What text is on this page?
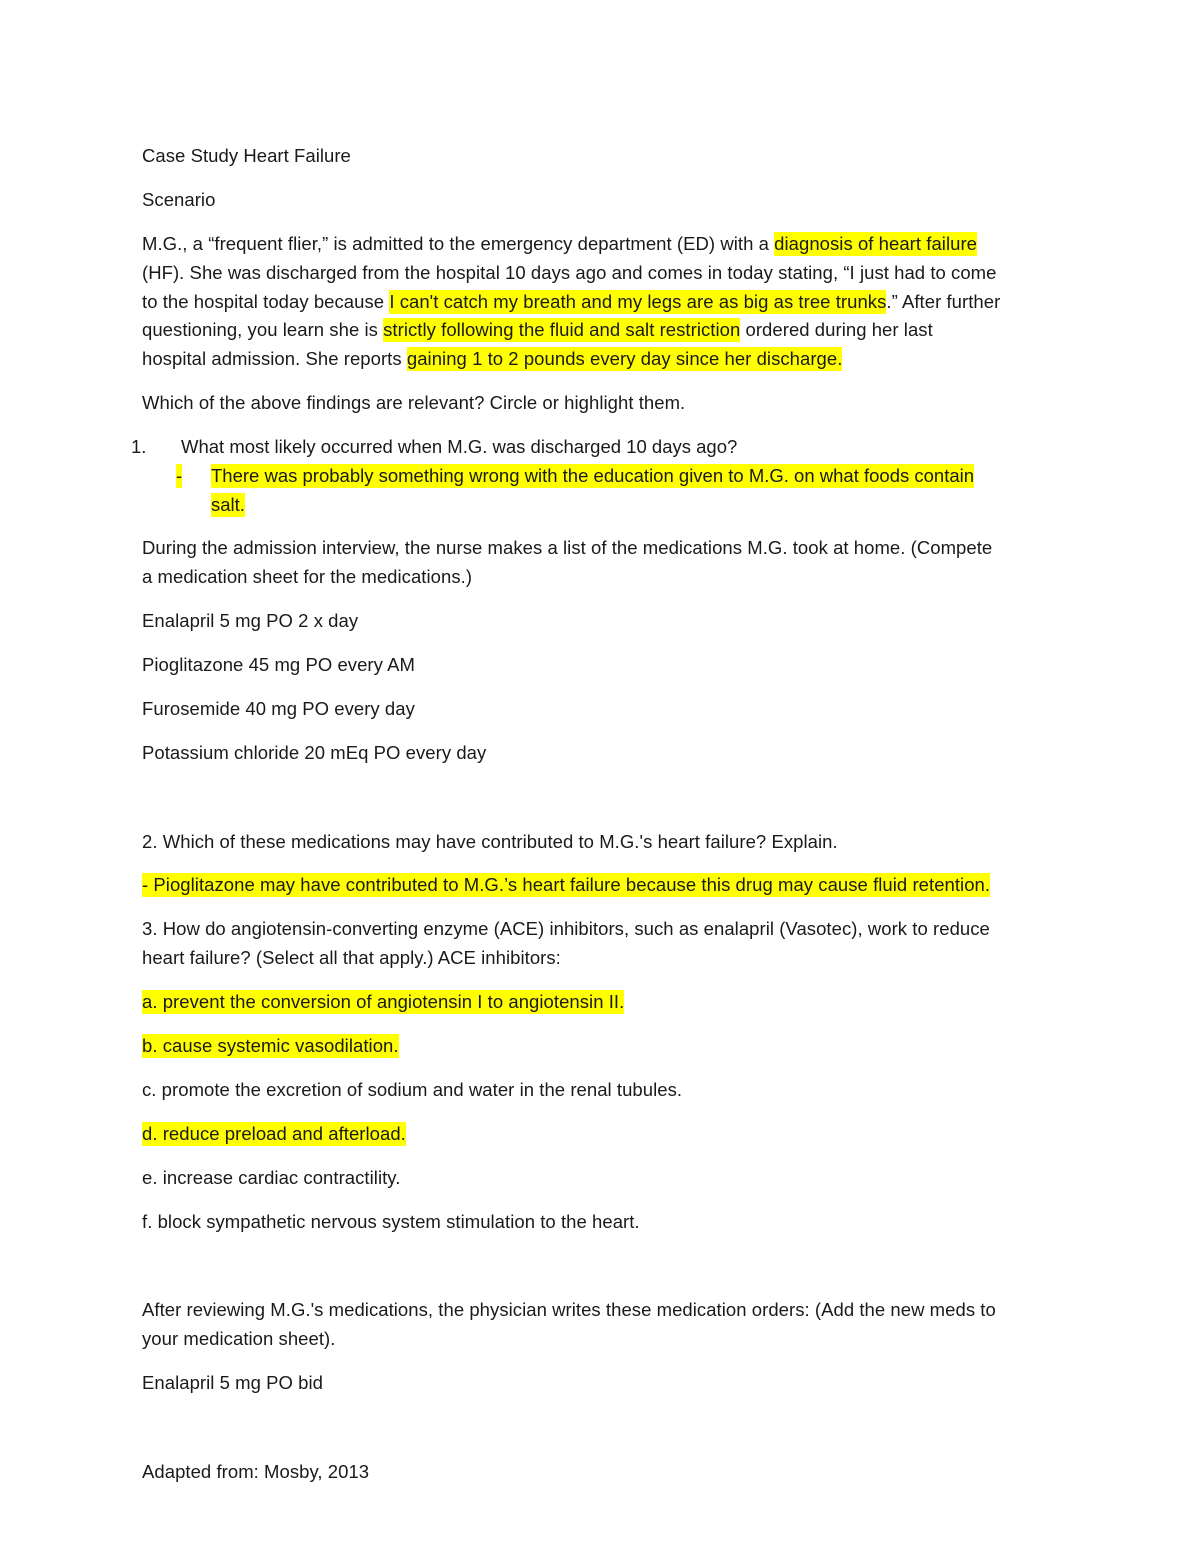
Case Study Heart Failure
Scenario
M.G., a “frequent flier,” is admitted to the emergency department (ED) with a diagnosis of heart failure
(HF). She was discharged from the hospital 10 days ago and comes in today stating, “I just had to come
to the hospital today because I can't catch my breath and my legs are as big as tree trunks.” After further
questioning, you learn she is strictly following the fluid and salt restriction ordered during her last
hospital admission. She reports gaining 1 to 2 pounds every day since her discharge.
Which of the above findings are relevant? Circle or highlight them.
1. What most likely occurred when M.G. was discharged 10 days ago?
- There was probably something wrong with the education given to M.G. on what foods contain
salt.
During the admission interview, the nurse makes a list of the medications M.G. took at home. (Compete
a medication sheet for the medications.)
Enalapril 5 mg PO 2 x day
Pioglitazone 45 mg PO every AM
Furosemide 40 mg PO every day
Potassium chloride 20 mEq PO every day
2. Which of these medications may have contributed to M.G.'s heart failure? Explain.
- Pioglitazone may have contributed to M.G.’s heart failure because this drug may cause fluid retention.
3. How do angiotensin-converting enzyme (ACE) inhibitors, such as enalapril (Vasotec), work to reduce
heart failure? (Select all that apply.) ACE inhibitors:
a. prevent the conversion of angiotensin I to angiotensin II.
b. cause systemic vasodilation.
c. promote the excretion of sodium and water in the renal tubules.
d. reduce preload and afterload.
e. increase cardiac contractility.
f. block sympathetic nervous system stimulation to the heart.
After reviewing M.G.'s medications, the physician writes these medication orders: (Add the new meds to
your medication sheet).
Enalapril 5 mg PO bid
Adapted from: Mosby, 2013
